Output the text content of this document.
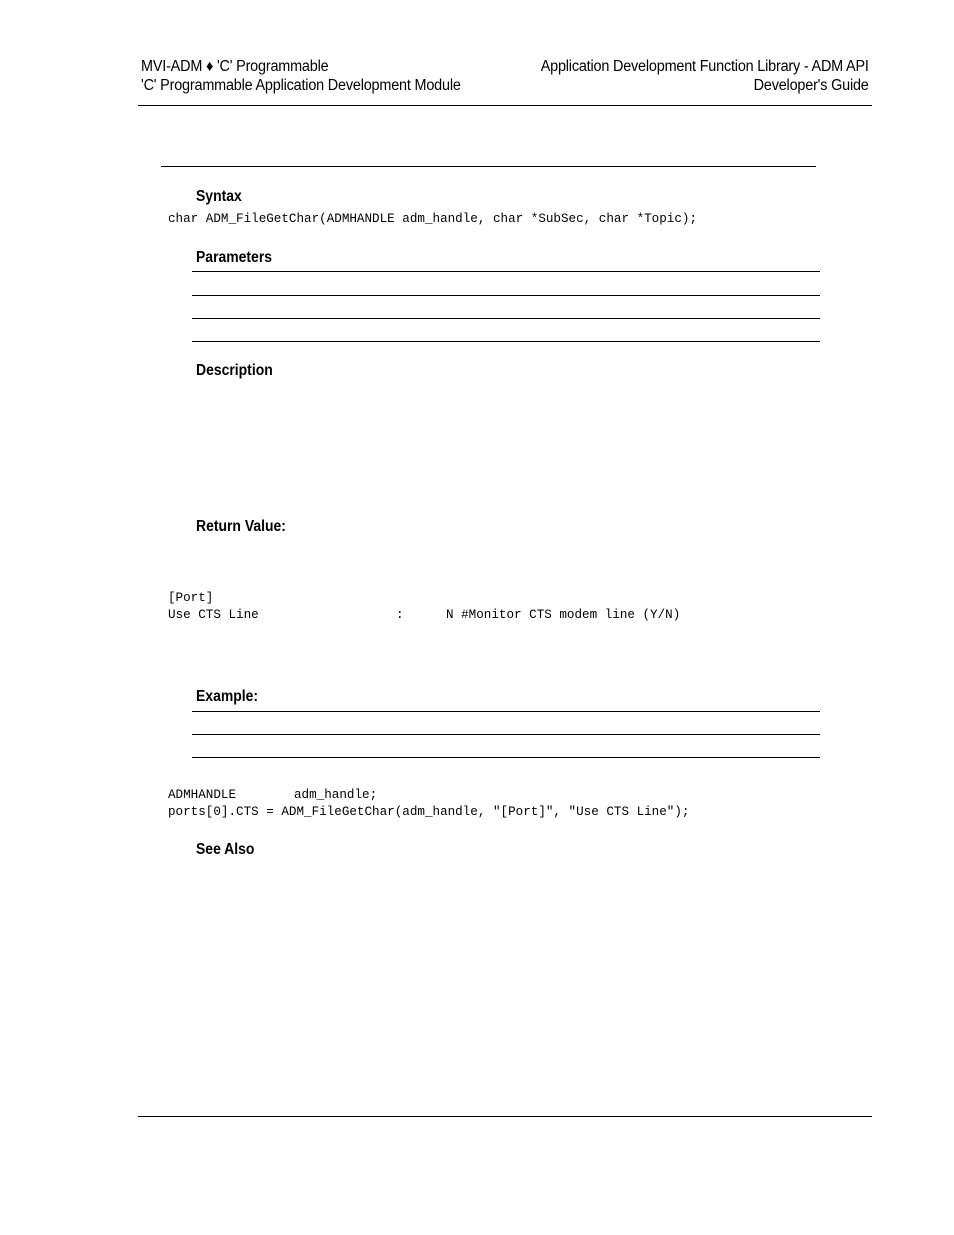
MVI-ADM ♦ 'C' Programmable
'C' Programmable Application Development Module
Application Development Function Library - ADM API
Developer's Guide
Syntax
char ADM_FileGetChar(ADMHANDLE adm_handle, char *SubSec, char *Topic);
Parameters
Description
Return Value:
[Port]
Use CTS Line	:	N #Monitor CTS modem line (Y/N)
Example:
ADMHANDLE	adm_handle;
ports[0].CTS = ADM_FileGetChar(adm_handle, "[Port]", "Use CTS Line");
See Also
